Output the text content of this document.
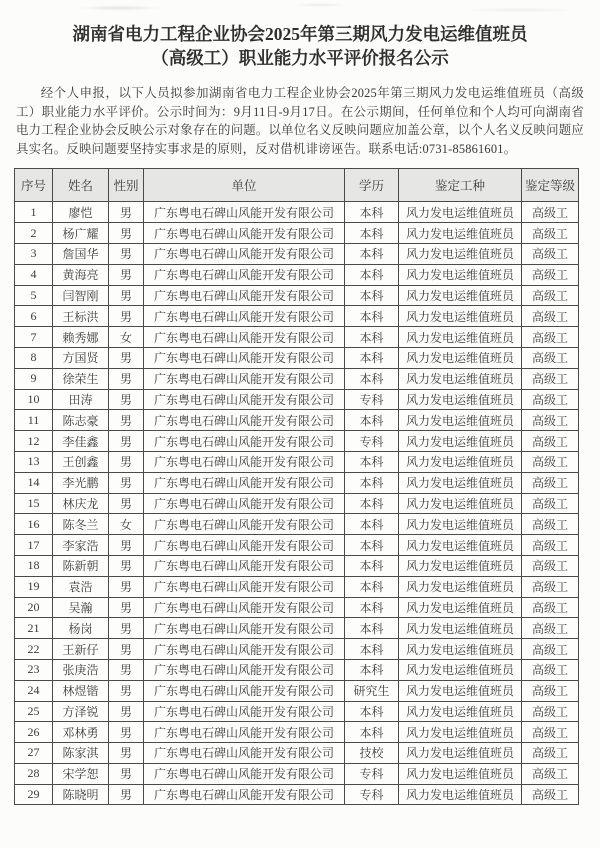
湖南省电力工程企业协会2025年第三期风力发电运维值班员
（高级工）职业能力水平评价报名公示

经个人申报，以下人员拟参加湖南省电力工程企业协会2025年第三期风力发电运维值班员（高级工）职业能力水平评价。公示时间为：9月11日-9月17日。在公示期间，任何单位和个人均可向湖南省电力工程企业协会反映公示对象存在的问题。以单位名义反映问题应加盖公章，以个人名义反映问题应具实名。反映问题要坚持实事求是的原则，反对借机诽谤诬告。联系电话:0731-85861601。

序号	姓名	性别	单位	学历	鉴定工种	鉴定等级
1	廖恺	男	广东粤电石碑山风能开发有限公司	本科	风力发电运维值班员	高级工
2	杨广耀	男	广东粤电石碑山风能开发有限公司	本科	风力发电运维值班员	高级工
3	詹国华	男	广东粤电石碑山风能开发有限公司	本科	风力发电运维值班员	高级工
4	黄海亮	男	广东粤电石碑山风能开发有限公司	本科	风力发电运维值班员	高级工
5	闫智刚	男	广东粤电石碑山风能开发有限公司	本科	风力发电运维值班员	高级工
6	王标洪	男	广东粤电石碑山风能开发有限公司	本科	风力发电运维值班员	高级工
7	赖秀娜	女	广东粤电石碑山风能开发有限公司	本科	风力发电运维值班员	高级工
8	方国贤	男	广东粤电石碑山风能开发有限公司	本科	风力发电运维值班员	高级工
9	徐荣生	男	广东粤电石碑山风能开发有限公司	本科	风力发电运维值班员	高级工
10	田涛	男	广东粤电石碑山风能开发有限公司	专科	风力发电运维值班员	高级工
11	陈志豪	男	广东粤电石碑山风能开发有限公司	本科	风力发电运维值班员	高级工
12	李佳鑫	男	广东粤电石碑山风能开发有限公司	专科	风力发电运维值班员	高级工
13	王创鑫	男	广东粤电石碑山风能开发有限公司	本科	风力发电运维值班员	高级工
14	李光鹏	男	广东粤电石碑山风能开发有限公司	本科	风力发电运维值班员	高级工
15	林庆龙	男	广东粤电石碑山风能开发有限公司	本科	风力发电运维值班员	高级工
16	陈冬兰	女	广东粤电石碑山风能开发有限公司	本科	风力发电运维值班员	高级工
17	李家浩	男	广东粤电石碑山风能开发有限公司	本科	风力发电运维值班员	高级工
18	陈新朝	男	广东粤电石碑山风能开发有限公司	本科	风力发电运维值班员	高级工
19	袁浩	男	广东粤电石碑山风能开发有限公司	本科	风力发电运维值班员	高级工
20	吴瀚	男	广东粤电石碑山风能开发有限公司	本科	风力发电运维值班员	高级工
21	杨岗	男	广东粤电石碑山风能开发有限公司	本科	风力发电运维值班员	高级工
22	王新仔	男	广东粤电石碑山风能开发有限公司	本科	风力发电运维值班员	高级工
23	张庚浩	男	广东粤电石碑山风能开发有限公司	本科	风力发电运维值班员	高级工
24	林煜锴	男	广东粤电石碑山风能开发有限公司	研究生	风力发电运维值班员	高级工
25	方泽锐	男	广东粤电石碑山风能开发有限公司	本科	风力发电运维值班员	高级工
26	邓林勇	男	广东粤电石碑山风能开发有限公司	本科	风力发电运维值班员	高级工
27	陈家淇	男	广东粤电石碑山风能开发有限公司	技校	风力发电运维值班员	高级工
28	宋学恕	男	广东粤电石碑山风能开发有限公司	专科	风力发电运维值班员	高级工
29	陈晓明	男	广东粤电石碑山风能开发有限公司	专科	风力发电运维值班员	高级工
